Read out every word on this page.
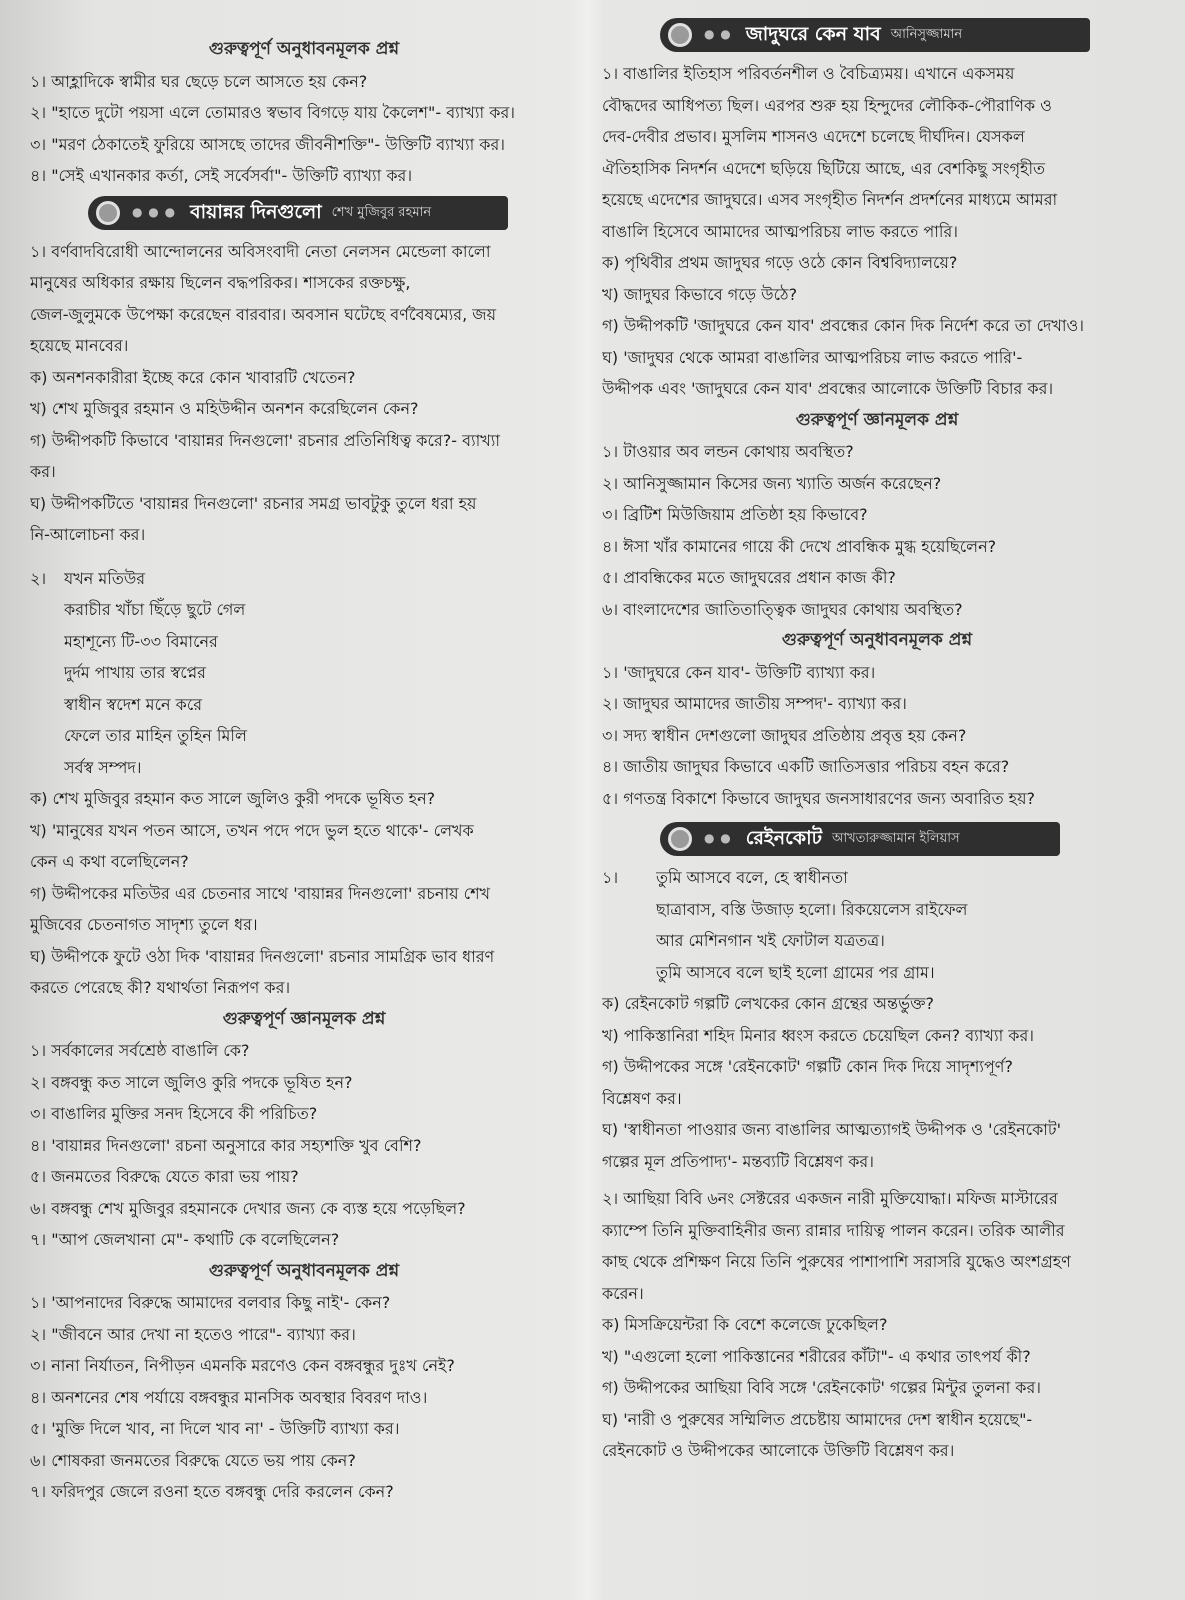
গুরুত্বপূর্ণ অনুধাবনমূলক প্রশ্ন
১। আহ্লাদিকে স্বামীর ঘর ছেড়ে চলে আসতে হয় কেন?
২। "হাতে দুটো পয়সা এলে তোমারও স্বভাব বিগড়ে যায় কৈলেশ"- ব্যাখ্যা কর।
৩। "মরণ ঠেকাতেই ফুরিয়ে আসছে তাদের জীবনীশক্তি"- উক্তিটি ব্যাখ্যা কর।
৪। "সেই এখানকার কর্তা, সেই সর্বেসর্বা"- উক্তিটি ব্যাখ্যা কর।
● ● ● বায়ান্নর দিনগুলো শেখ মুজিবুর রহমান
১। বর্ণবাদবিরোধী আন্দোলনের অবিসংবাদী নেতা নেলসন মেন্ডেলা কালো
মানুষের অধিকার রক্ষায় ছিলেন বদ্ধপরিকর। শাসকের রক্তচক্ষু,
জেল-জুলুমকে উপেক্ষা করেছেন বারবার। অবসান ঘটেছে বর্ণবৈষম্যের, জয়
হয়েছে মানবের।
ক) অনশনকারীরা ইচ্ছে করে কোন খাবারটি খেতেন?
খ) শেখ মুজিবুর রহমান ও মহিউদ্দীন অনশন করেছিলেন কেন?
গ) উদ্দীপকটি কিভাবে 'বায়ান্নর দিনগুলো' রচনার প্রতিনিধিত্ব করে?- ব্যাখ্যা
কর।
ঘ) উদ্দীপকটিতে 'বায়ান্নর দিনগুলো' রচনার সমগ্র ভাবটুকু তুলে ধরা হয়
নি-আলোচনা কর।
২।	যখন মতিউর
করাচীর খাঁচা ছিঁড়ে ছুটে গেল
মহাশূন্যে টি-৩৩ বিমানের
দুর্দম পাখায় তার স্বপ্নের
স্বাধীন স্বদেশ মনে করে
ফেলে তার মাহিন তুহিন মিলি
সর্বস্ব সম্পদ।
ক) শেখ মুজিবুর রহমান কত সালে জুলিও কুরী পদকে ভূষিত হন?
খ) 'মানুষের যখন পতন আসে, তখন পদে পদে ভুল হতে থাকে'- লেখক
কেন এ কথা বলেছিলেন?
গ) উদ্দীপকের মতিউর এর চেতনার সাথে 'বায়ান্নর দিনগুলো' রচনায় শেখ
মুজিবের চেতনাগত সাদৃশ্য তুলে ধর।
ঘ) উদ্দীপকে ফুটে ওঠা দিক 'বায়ান্নর দিনগুলো' রচনার সামগ্রিক ভাব ধারণ
করতে পেরেছে কী? যথার্থতা নিরূপণ কর।
গুরুত্বপূর্ণ জ্ঞানমূলক প্রশ্ন
১। সর্বকালের সর্বশ্রেষ্ঠ বাঙালি কে?
২। বঙ্গবন্ধু কত সালে জুলিও কুরি পদকে ভূষিত হন?
৩। বাঙালির মুক্তির সনদ হিসেবে কী পরিচিত?
৪। 'বায়ান্নর দিনগুলো' রচনা অনুসারে কার সহ্যশক্তি খুব বেশি?
৫। জনমতের বিরুদ্ধে যেতে কারা ভয় পায়?
৬। বঙ্গবন্ধু শেখ মুজিবুর রহমানকে দেখার জন্য কে ব্যস্ত হয়ে পড়েছিল?
৭। "আপ জেলখানা মে"- কথাটি কে বলেছিলেন?
গুরুত্বপূর্ণ অনুধাবনমূলক প্রশ্ন
১। 'আপনাদের বিরুদ্ধে আমাদের বলবার কিছু নাই'- কেন?
২। "জীবনে আর দেখা না হতেও পারে"- ব্যাখ্যা কর।
৩। নানা নির্যাতন, নিপীড়ন এমনকি মরণেও কেন বঙ্গবন্ধুর দুঃখ নেই?
৪। অনশনের শেষ পর্যায়ে বঙ্গবন্ধুর মানসিক অবস্থার বিবরণ দাও।
৫। 'মুক্তি দিলে খাব, না দিলে খাব না' - উক্তিটি ব্যাখ্যা কর।
৬। শোষকরা জনমতের বিরুদ্ধে যেতে ভয় পায় কেন?
৭। ফরিদপুর জেলে রওনা হতে বঙ্গবন্ধু দেরি করলেন কেন?
● ● জাদুঘরে কেন যাব আনিসুজ্জামান
১। বাঙালির ইতিহাস পরিবর্তনশীল ও বৈচিত্র্যময়। এখানে একসময়
বৌদ্ধদের আধিপত্য ছিল। এরপর শুরু হয় হিন্দুদের লৌকিক-পৌরাণিক ও
দেব-দেবীর প্রভাব। মুসলিম শাসনও এদেশে চলেছে দীর্ঘদিন। যেসকল
ঐতিহাসিক নিদর্শন এদেশে ছড়িয়ে ছিটিয়ে আছে, এর বেশকিছু সংগৃহীত
হয়েছে এদেশের জাদুঘরে। এসব সংগৃহীত নিদর্শন প্রদর্শনের মাধ্যমে আমরা
বাঙালি হিসেবে আমাদের আত্মপরিচয় লাভ করতে পারি।
ক) পৃথিবীর প্রথম জাদুঘর গড়ে ওঠে কোন বিশ্ববিদ্যালয়ে?
খ) জাদুঘর কিভাবে গড়ে উঠে?
গ) উদ্দীপকটি 'জাদুঘরে কেন যাব' প্রবন্ধের কোন দিক নির্দেশ করে তা দেখাও।
ঘ) 'জাদুঘর থেকে আমরা বাঙালির আত্মপরিচয় লাভ করতে পারি'-
উদ্দীপক এবং 'জাদুঘরে কেন যাব' প্রবন্ধের আলোকে উক্তিটি বিচার কর।
গুরুত্বপূর্ণ জ্ঞানমূলক প্রশ্ন
১। টাওয়ার অব লন্ডন কোথায় অবস্থিত?
২। আনিসুজ্জামান কিসের জন্য খ্যাতি অর্জন করেছেন?
৩। ব্রিটিশ মিউজিয়াম প্রতিষ্ঠা হয় কিভাবে?
৪। ঈসা খাঁর কামানের গায়ে কী দেখে প্রাবন্ধিক মুগ্ধ হয়েছিলেন?
৫। প্রাবন্ধিকের মতে জাদুঘরের প্রধান কাজ কী?
৬। বাংলাদেশের জাতিতাত্ত্বিক জাদুঘর কোথায় অবস্থিত?
গুরুত্বপূর্ণ অনুধাবনমূলক প্রশ্ন
১। 'জাদুঘরে কেন যাব'- উক্তিটি ব্যাখ্যা কর।
২। জাদুঘর আমাদের জাতীয় সম্পদ'- ব্যাখ্যা কর।
৩। সদ্য স্বাধীন দেশগুলো জাদুঘর প্রতিষ্ঠায় প্রবৃত্ত হয় কেন?
৪। জাতীয় জাদুঘর কিভাবে একটি জাতিসত্তার পরিচয় বহন করে?
৫। গণতন্ত্র বিকাশে কিভাবে জাদুঘর জনসাধারণের জন্য অবারিত হয়?
● ● রেইনকোট আখতারুজ্জামান ইলিয়াস
১।	তুমি আসবে বলে, হে স্বাধীনতা
ছাত্রাবাস, বস্তি উজাড় হলো। রিকয়েলেস রাইফেল
আর মেশিনগান খই ফোটাল যত্রতত্র।
তুমি আসবে বলে ছাই হলো গ্রামের পর গ্রাম।
ক) রেইনকোট গল্পটি লেখকের কোন গ্রন্থের অন্তর্ভুক্ত?
খ) পাকিস্তানিরা শহিদ মিনার ধ্বংস করতে চেয়েছিল কেন? ব্যাখ্যা কর।
গ) উদ্দীপকের সঙ্গে 'রেইনকোট' গল্পটি কোন দিক দিয়ে সাদৃশ্যপূর্ণ?
বিশ্লেষণ কর।
ঘ) 'স্বাধীনতা পাওয়ার জন্য বাঙালির আত্মত্যাগই উদ্দীপক ও 'রেইনকোট'
গল্পের মূল প্রতিপাদ্য'- মন্তব্যটি বিশ্লেষণ কর।
২। আছিয়া বিবি ৬নং সেক্টরের একজন নারী মুক্তিযোদ্ধা। মফিজ মাস্টারের
ক্যাম্পে তিনি মুক্তিবাহিনীর জন্য রান্নার দায়িত্ব পালন করেন। তরিক আলীর
কাছ থেকে প্রশিক্ষণ নিয়ে তিনি পুরুষের পাশাপাশি সরাসরি যুদ্ধেও অংশগ্রহণ
করেন।
ক) মিসক্রিয়েন্টরা কি বেশে কলেজে ঢুকেছিল?
খ) "এগুলো হলো পাকিস্তানের শরীরের কাঁটা"- এ কথার তাৎপর্য কী?
গ) উদ্দীপকের আছিয়া বিবি সঙ্গে 'রেইনকোট' গল্পের মিন্টুর তুলনা কর।
ঘ) 'নারী ও পুরুষের সম্মিলিত প্রচেষ্টায় আমাদের দেশ স্বাধীন হয়েছে"-
রেইনকোট ও উদ্দীপকের আলোকে উক্তিটি বিশ্লেষণ কর।
